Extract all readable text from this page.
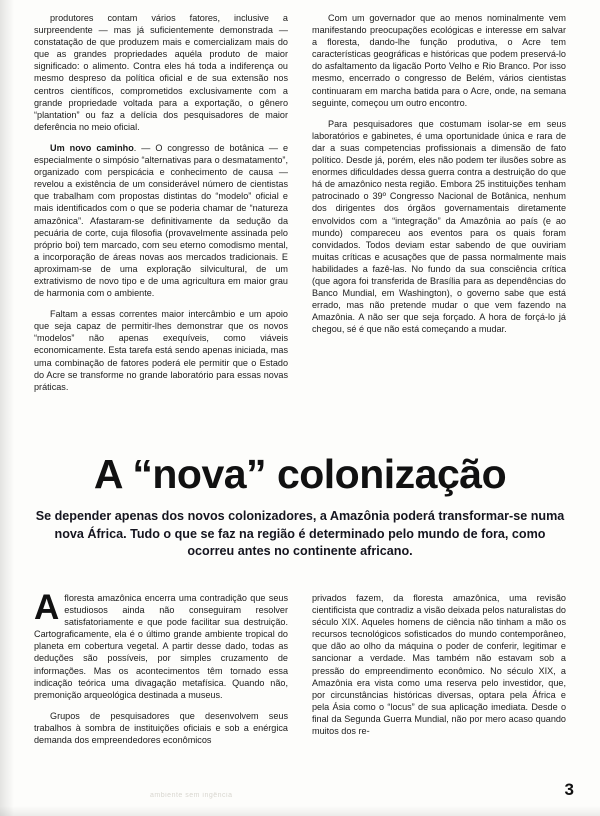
produtores contam vários fatores, inclusive a surpreendente — mas já suficientemente demonstrada — constatação de que produzem mais e comercializam mais do que as grandes propriedades aquéla produto de maior significado: o alimento. Contra eles há toda a indiferença ou mesmo despreso da política oficial e de sua extensão nos centros científicos, comprometidos exclusivamente com a grande propriedade voltada para a exportação, o gênero “plantation” ou faz a delícia dos pesquisadores de maior deferência no meio oficial.

Um novo caminho. — O congresso de botânica — e especialmente o simpósio “alternativas para o desmatamento”, organizado com perspicácia e conhecimento de causa — revelou a existência de um considerável número de cientistas que trabalham com propostas distintas do “modelo” oficial e mais identificados com o que se poderia chamar de “natureza amazônica”. Afastaram-se definitivamente da sedução da pecuária de corte, cuja filosofia (provavelmente assinada pelo próprio boi) tem marcado, com seu eterno comodismo mental, a incorporação de áreas novas aos mercados tradicionais. E aproximam-se de uma exploração silvicultural, de um extrativismo de novo tipo e de uma agricultura em maior grau de harmonia com o ambiente.

Faltam a essas correntes maior intercâmbio e um apoio que seja capaz de permitir-lhes demonstrar que os novos “modelos” não apenas exequíveis, como viáveis economicamente. Esta tarefa está sendo apenas iniciada, mas uma combinação de fatores poderá ele permitir que o Estado do Acre se transforme no grande laboratório para essas novas práticas.

Com um governador que ao menos nominalmente vem manifestando preocupações ecológicas e interesse em salvar a floresta, dando-lhe função produtiva, o Acre tem características geográficas e históricas que podem preservá-lo do asfaltamento da ligacão Porto Velho e Rio Branco. Por isso mesmo, encerrado o congresso de Belém, vários cientistas continuaram em marcha batida para o Acre, onde, na semana seguinte, começou um outro encontro.

Para pesquisadores que costumam isolar-se em seus laboratórios e gabinetes, é uma oportunidade única e rara de dar a suas competencias profissionais a dimensão de fato político. Desde já, porém, eles não podem ter ilusões sobre as enormes dificuldades dessa guerra contra a destruição do que há de amazônico nesta região. Embora 25 instituições tenham patrocinado o 39º Congresso Nacional de Botânica, nenhum dos dirigentes dos órgãos governamentais diretamente envolvidos com a “integração” da Amazônia ao país (e ao mundo) compareceu aos eventos para os quais foram convidados. Todos deviam estar sabendo de que ouviriam muitas críticas e acusações que de passa normalmente mais habilidades a fazê-las. No fundo da sua consciência crítica (que agora foi transferida de Brasília para as dependências do Banco Mundial, em Washington), o governo sabe que está errado, mas não pretende mudar o que vem fazendo na Amazônia. A não ser que seja forçado. A hora de forçá-lo já chegou, sé é que não está começando a mudar.

A “nova” colonização
Se depender apenas dos novos colonizadores, a Amazônia poderá transformar-se numa nova África. Tudo o que se faz na região é determinado pelo mundo de fora, como ocorreu antes no continente africano.

Afloresta amazônica encerra uma contradição que seus estudiosos ainda não conseguiram resolver satisfatoriamente e que pode facilitar sua destruição. Cartograficamente, ela é o último grande ambiente tropical do planeta em cobertura vegetal. A partir desse dado, todas as deduções são possíveis, por simples cruzamento de informações. Mas os acontecimentos têm tornado essa indicação teórica uma divagação metafísica. Quando não, premonição arqueológica destinada a museus.

Grupos de pesquisadores que desenvolvem seus trabalhos à sombra de instituições oficiais e sob a enérgica demanda dos empreendedores econômicos

privados fazem, da floresta amazônica, uma revisão cientificista que contradiz a visão deixada pelos naturalistas do século XIX. Aqueles homens de ciência não tinham a mão os recursos tecnológicos sofisticados do mundo contemporâneo, que dão ao olho da máquina o poder de conferir, legitimar e sancionar a verdade. Mas também não estavam sob a pressão do empreendimento econômico. No século XIX, a Amazônia era vista como uma reserva pelo investidor, que, por circunstâncias históricas diversas, optara pela África e pela Ásia como o “locus” de sua aplicação imediata. Desde o final da Segunda Guerra Mundial, não por mero acaso quando muitos dos re-

ambiente sem ingência	3
